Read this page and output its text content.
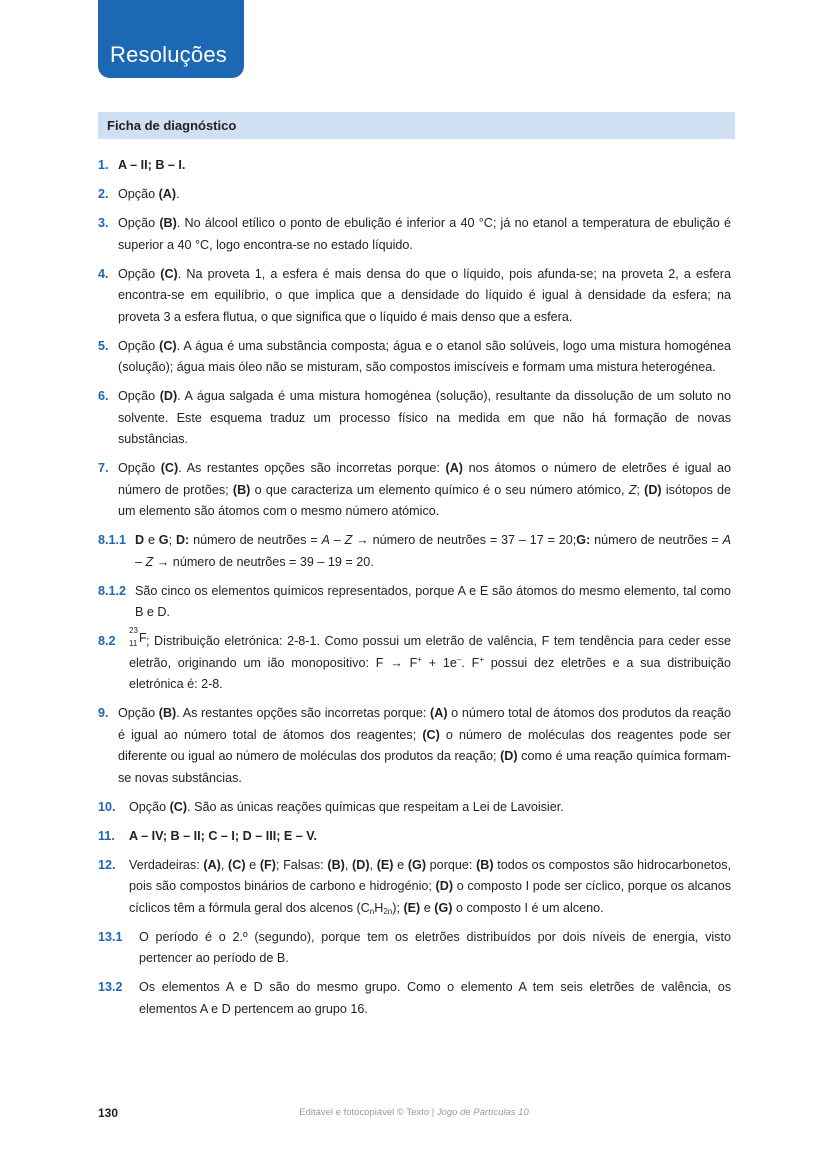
Resoluções
Ficha de diagnóstico
1. A – II; B – I.
2. Opção (A).
3. Opção (B). No álcool etílico o ponto de ebulição é inferior a 40 °C; já no etanol a temperatura de ebulição é superior a 40 °C, logo encontra-se no estado líquido.
4. Opção (C). Na proveta 1, a esfera é mais densa do que o líquido, pois afunda-se; na proveta 2, a esfera encontra-se em equilíbrio, o que implica que a densidade do líquido é igual à densidade da esfera; na proveta 3 a esfera flutua, o que significa que o líquido é mais denso que a esfera.
5. Opção (C). A água é uma substância composta; água e o etanol são solúveis, logo uma mistura homogénea (solução); água mais óleo não se misturam, são compostos imiscíveis e formam uma mistura heterogénea.
6. Opção (D). A água salgada é uma mistura homogénea (solução), resultante da dissolução de um soluto no solvente. Este esquema traduz um processo físico na medida em que não há formação de novas substâncias.
7. Opção (C). As restantes opções são incorretas porque: (A) nos átomos o número de eletrões é igual ao número de protões; (B) o que caracteriza um elemento químico é o seu número atómico, Z; (D) isótopos de um elemento são átomos com o mesmo número atómico.
8.1.1 D e G; D: número de neutrões = A – Z → número de neutrões = 37 – 17 = 20;G: número de neutrões = A – Z → número de neutrões = 39 – 19 = 20.
8.1.2 São cinco os elementos químicos representados, porque A e E são átomos do mesmo elemento, tal como B e D.
8.2
23
11 F ; Distribuição eletrónica: 2-8-1. Como possui um eletrão de valência, F tem tendência para ceder esse eletrão, originando um ião monopositivo: F → F+ + 1e–. F+ possui dez eletrões e a sua distribuição eletrónica é: 2-8.
9. Opção (B). As restantes opções são incorretas porque: (A) o número total de átomos dos produtos da reação é igual ao número total de átomos dos reagentes; (C) o número de moléculas dos reagentes pode ser diferente ou igual ao número de moléculas dos produtos da reação; (D) como é uma reação química formam-se novas substâncias.
10.	Opção (C). São as únicas reações químicas que respeitam a Lei de Lavoisier.
11.	A – IV; B – II; C – I; D – III; E – V.
12.	Verdadeiras: (A), (C) e (F); Falsas: (B), (D), (E) e (G) porque: (B) todos os compostos são hidrocarbonetos, pois são compostos binários de carbono e hidrogénio; (D) o composto I pode ser cíclico, porque os alcanos cíclicos têm a fórmula geral dos alcenos $(C_nH_{2n})$; (E) e (G) o composto I é um alceno.
13.1	O período é o 2.º (segundo), porque tem os eletrões distribuídos por dois níveis de energia, visto pertencer ao período de B.
13.2	Os elementos A e D são do mesmo grupo. Como o elemento A tem seis eletrões de valência, os elementos A e D pertencem ao grupo 16.
130	Editável e fotocopiável © Texto | Jogo de Partículas 10
